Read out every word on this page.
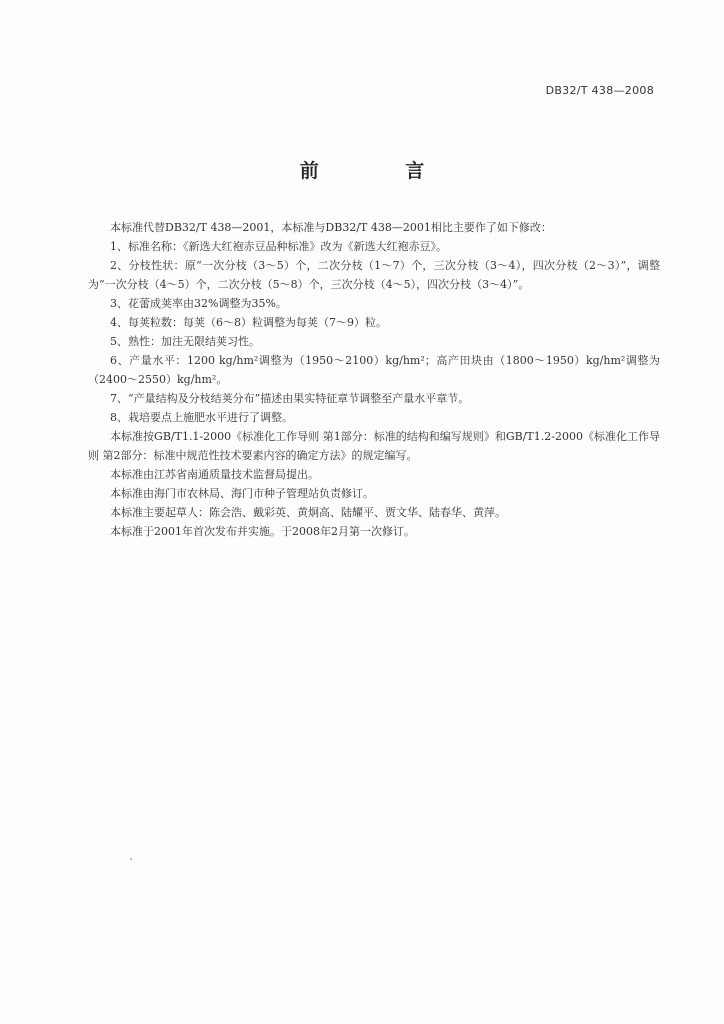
DB32/T 438—2008
前 言

本标准代替DB32/T 438—2001，本标准与DB32/T 438—2001相比主要作了如下修改：

1、标准名称：《新选大红袍赤豆品种标准》改为《新选大红袍赤豆》。

2、分枝性状：原“一次分枝（3～5）个，二次分枝（1～7）个，三次分枝（3～4），四次分枝（2～3）”，调整为“一次分枝（4～5）个，二次分枝（5～8）个，三次分枝（4～5），四次分枝（3～4）”。

3、花蕾成荚率由32%调整为35%。

4、每荚粒数：每荚（6～8）粒调整为每荚（7～9）粒。

5、熟性：加注无限结荚习性。

6、产量水平：1200 kg/hm²调整为（1950～2100）kg/hm²；高产田块由（1800～1950）kg/hm²调整为（2400～2550）kg/hm²。

7、“产量结构及分枝结荚分布”描述由果实特征章节调整至产量水平章节。

8、栽培要点上施肥水平进行了调整。

本标准按GB/T1.1-2000《标准化工作导则 第1部分：标准的结构和编写规则》和GB/T1.2-2000《标准化工作导则 第2部分：标准中规范性技术要素内容的确定方法》的规定编写。

本标准由江苏省南通质量技术监督局提出。

本标准由海门市农林局、海门市种子管理站负责修订。

本标准主要起草人：陈会浩、戴彩英、黄炯高、陆耀平、贾文华、陆春华、黄萍。

本标准于2001年首次发布并实施。于2008年2月第一次修订。
